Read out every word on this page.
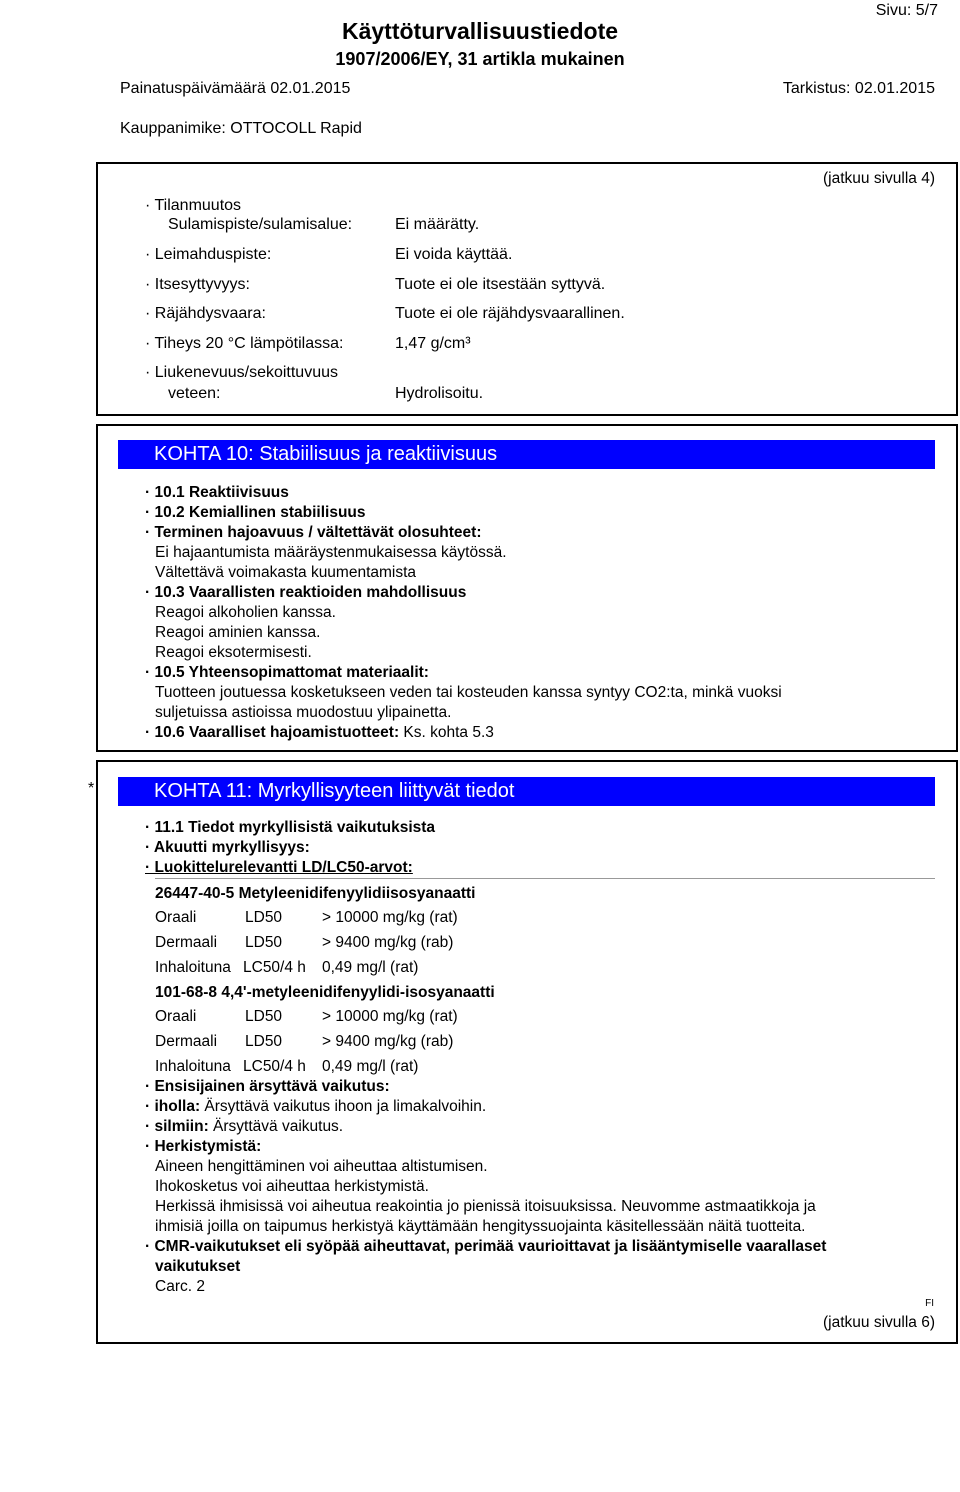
Sivu: 5/7
Käyttöturvallisuustiedote
1907/2006/EY, 31 artikla mukainen
Painatuspäivämäärä 02.01.2015	Tarkistus: 02.01.2015
Kauppanimike: OTTOCOLL Rapid
(jatkuu sivulla 4)
· Tilanmuutos
Sulamispiste/sulamisalue:	Ei määrätty.
· Leimahduspiste:	Ei voida käyttää.
· Itsesyttyvyys:	Tuote ei ole itsestään syttyvä.
· Räjähdysvaara:	Tuote ei ole räjähdysvaarallinen.
· Tiheys 20 °C lämpötilassa:	1,47 g/cm³
· Liukenevuus/sekoittuvuus
veteen:	Hydrolisoitu.
KOHTA 10: Stabiilisuus ja reaktiivisuus
· 10.1 Reaktiivisuus
· 10.2 Kemiallinen stabiilisuus
· Terminen hajoavuus / vältettävät olosuhteet:
Ei hajaantumista määräystenmukaisessa käytössä.
Vältettävä voimakasta kuumentamista
· 10.3 Vaarallisten reaktioiden mahdollisuus
Reagoi alkoholien kanssa.
Reagoi aminien kanssa.
Reagoi eksotermisesti.
· 10.5 Yhteensopimattomat materiaalit:
Tuotteen joutuessa kosketukseen veden tai kosteuden kanssa syntyy CO2:ta, minkä vuoksi
suljetuissa astioissa muodostuu ylipainetta.
· 10.6 Vaaralliset hajoamistuotteet: Ks. kohta 5.3
*	KOHTA 11: Myrkyllisyyteen liittyvät tiedot
· 11.1 Tiedot myrkyllisistä vaikutuksista
· Akuutti myrkyllisyys:
· Luokittelurelevantti LD/LC50-arvot:
26447-40-5 Metyleenidifenyylidiisosyanaatti
Oraali	LD50	> 10000 mg/kg (rat)
Dermaali LD50	> 9400 mg/kg (rab)
Inhaloituna LC50/4 h 0,49 mg/l (rat)
101-68-8 4,4'-metyleenidifenyylidi-isosyanaatti
Oraali	LD50	> 10000 mg/kg (rat)
Dermaali LD50	> 9400 mg/kg (rab)
Inhaloituna LC50/4 h 0,49 mg/l (rat)
· Ensisijainen ärsyttävä vaikutus:
· iholla: Ärsyttävä vaikutus ihoon ja limakalvoihin.
· silmiin: Ärsyttävä vaikutus.
· Herkistymistä:
Aineen hengittäminen voi aiheuttaa altistumisen.
Ihokosketus voi aiheuttaa herkistymistä.
Herkissä ihmisissä voi aiheutua reakointia jo pienissä itoisuuksissa. Neuvomme astmaatikkoja ja
ihmisiä joilla on taipumus herkistyä käyttämään hengityssuojainta käsitellessään näitä tuotteita.
· CMR-vaikutukset eli syöpää aiheuttavat, perimää vaurioittavat ja lisääntymiselle vaarallaset
vaikutukset
Carc. 2
FI
(jatkuu sivulla 6)
